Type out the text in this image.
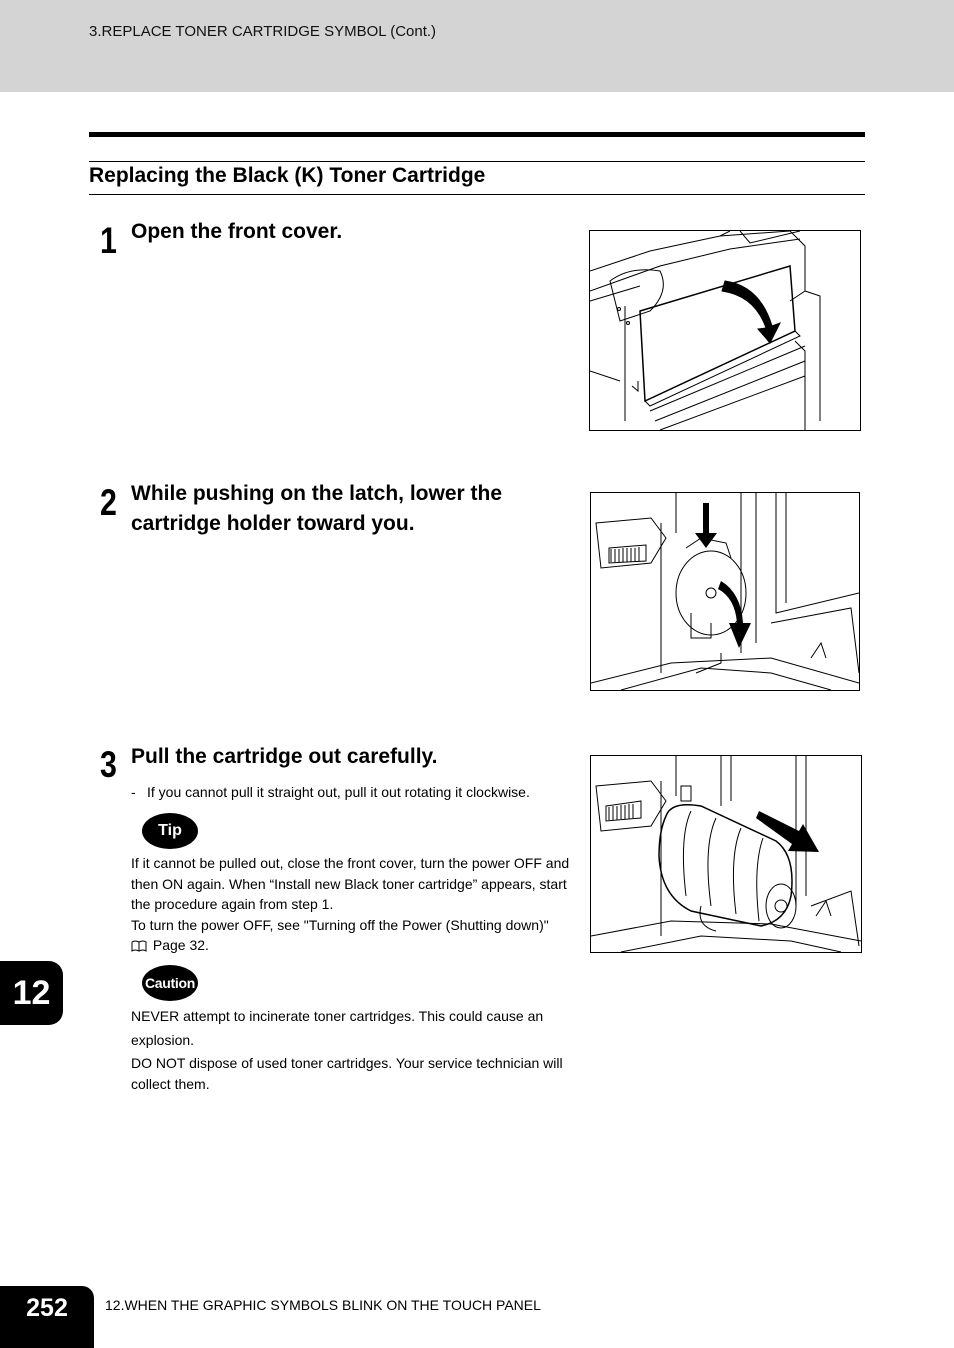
3.REPLACE TONER CARTRIDGE SYMBOL (Cont.)
Replacing the Black (K) Toner Cartridge
1 Open the front cover.
2 While pushing on the latch, lower the cartridge holder toward you.
3 Pull the cartridge out carefully.
- If you cannot pull it straight out, pull it out rotating it clockwise.
Tip
If it cannot be pulled out, close the front cover, turn the power OFF and then ON again. When “Install new Black toner cartridge” appears, start the procedure again from step 1.
To turn the power OFF, see "Turning off the Power (Shutting down)"
Page 32.
Caution
NEVER attempt to incinerate toner cartridges. This could cause an explosion.
DO NOT dispose of used toner cartridges. Your service technician will collect them.
12
252	12.WHEN THE GRAPHIC SYMBOLS BLINK ON THE TOUCH PANEL
